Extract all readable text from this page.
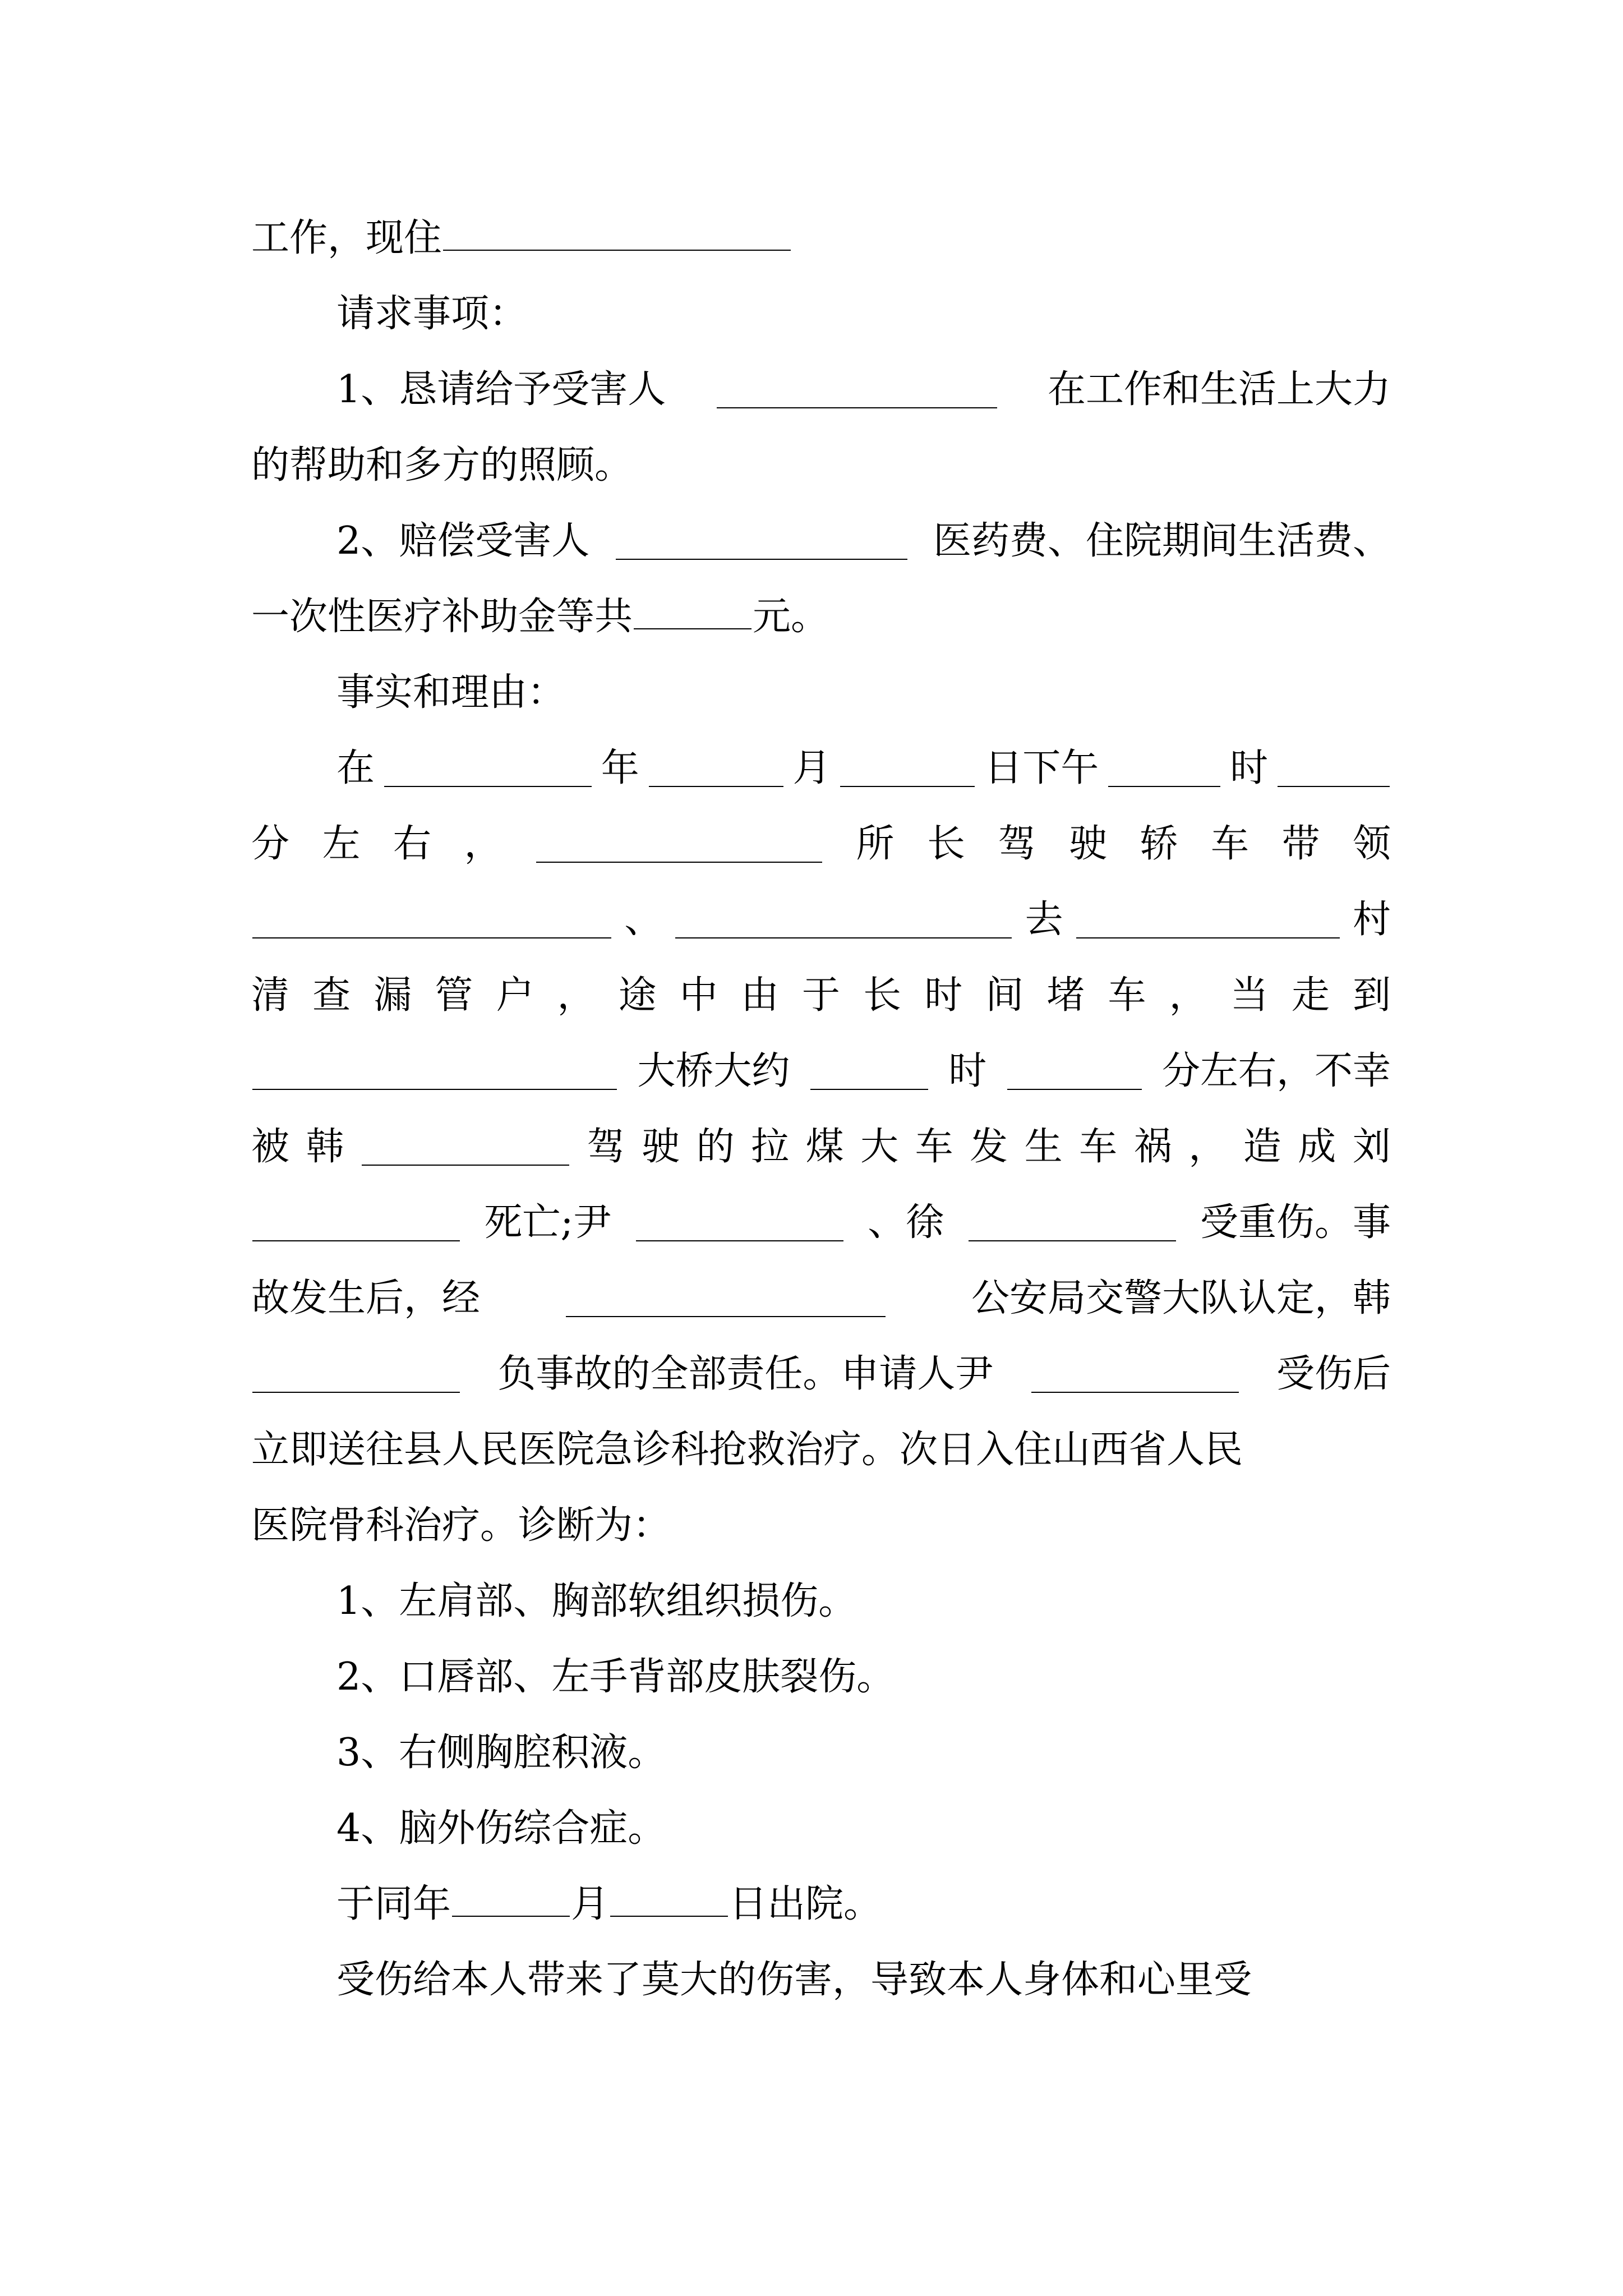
工作，现住
请求事项：
1、恳请给予受害人	在工作和生活上大力
的帮助和多方的照顾。
2、赔偿受害人	医药费、住院期间生活费、
一次性医疗补助金等共	元。
事实和理由：
在	年	月	日下午	时
分 左 右 ，	所 长 驾 驶 轿 车 带 领
、	去	村
清 查 漏 管 户 ， 途 中 由 于 长 时 间 堵 车 ， 当 走 到
大桥大约	时	分左右，不幸
被 韩	驾 驶 的 拉 煤 大 车 发 生 车 祸 ， 造 成 刘
死亡;尹	、徐	受重伤。事
故发生后，经	公安局交警大队认定，韩
负事故的全部责任。申请人尹	受伤后
立即送往县人民医院急诊科抢救治疗。次日入住山西省人民
医院骨科治疗。诊断为：
1、左肩部、胸部软组织损伤。
2、口唇部、左手背部皮肤裂伤。
3、右侧胸腔积液。
4、脑外伤综合症。
于同年	月	日出院。
受伤给本人带来了莫大的伤害，导致本人身体和心里受
